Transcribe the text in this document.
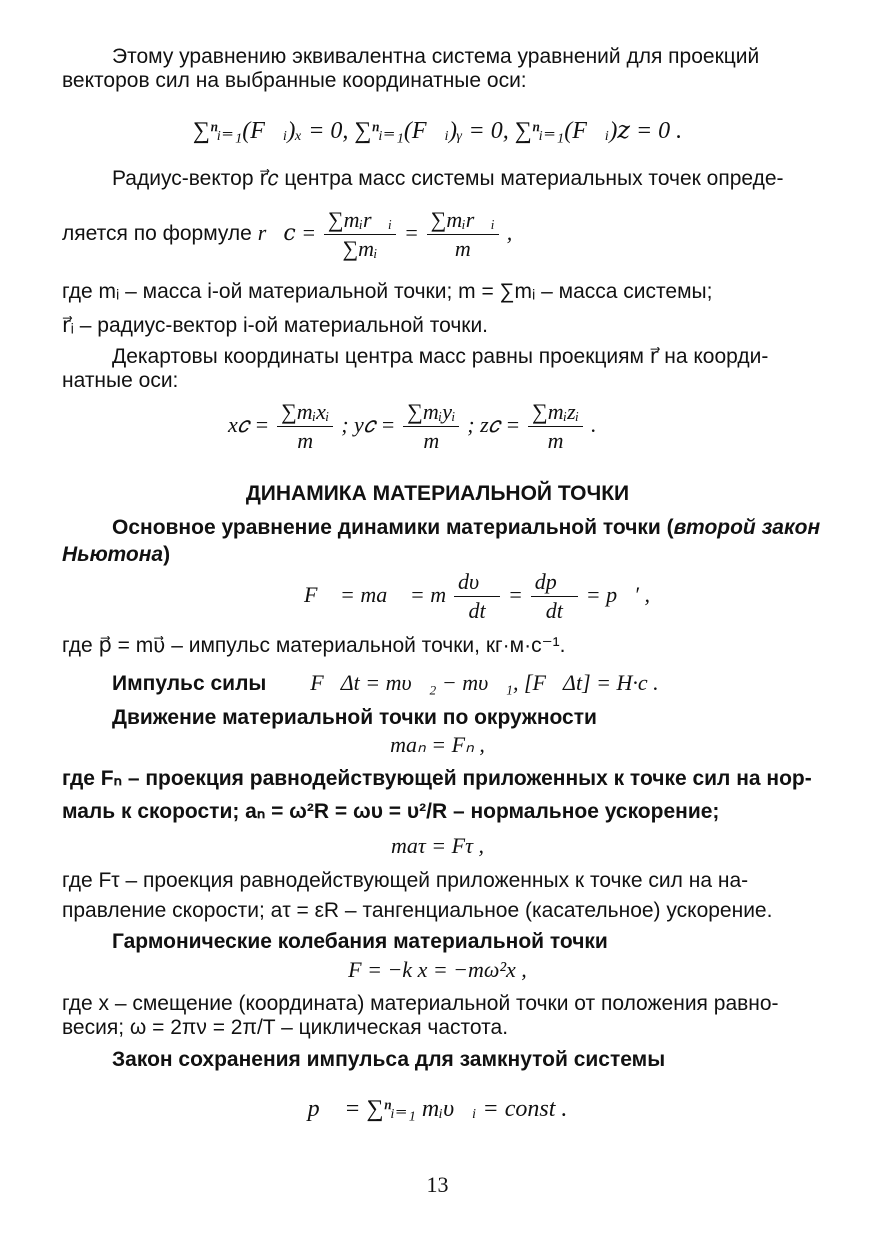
Этому уравнению эквивалентна система уравнений для проекций
векторов сил на выбранные координатные оси:
∑ⁿᵢ₌₁(F⃗ᵢ)ₓ = 0, ∑ⁿᵢ₌₁(F⃗ᵢ)ᵧ = 0, ∑ⁿᵢ₌₁(F⃗ᵢ)𝑧 = 0 .
Радиус-вектор r⃗𝑐 центра масс системы материальных точек опреде-
ляется по формуле r⃗𝑐 = $\frac{\text{∑mᵢr⃗ᵢ}}{\text{∑mᵢ}} = \frac{\text{∑mᵢr⃗ᵢ}}{m}$ ,
где mᵢ – масса i-ой материальной точки; m = ∑mᵢ – масса системы;
r⃗ᵢ – радиус-вектор i-ой материальной точки.
Декартовы координаты центра масс равны проекциям r⃗ на коорди-
натные оси:
x𝑐 = $\frac{\text{∑mᵢxᵢ}}{m}$ ; y𝑐 = $\frac{\text{∑mᵢyᵢ}}{m}$ ; z𝑐 = $\frac{\text{∑mᵢzᵢ}}{m}$ .
ДИНАМИКА МАТЕРИАЛЬНОЙ ТОЧКИ
Основное уравнение динамики материальной точки (второй закон
Ньютона)
F⃗ = ma⃗ = m $\frac{d\upsilon⃗}{dt} = \frac{dp⃗}{dt}$ = p⃗′ ,
где p⃗ = mυ⃗ – импульс материальной точки, кг·м·с⁻¹.
Импульс силы F⃗Δt = mυ⃗₂ − mυ⃗₁, [F⃗Δt] = Н·с .
Движение материальной точки по окружности
maₙ = Fₙ ,
где Fₙ – проекция равнодействующей приложенных к точке сил на нор-
маль к скорости; aₙ = ω²R = ωυ = υ²/R – нормальное ускорение;
maτ = Fτ ,
где Fτ – проекция равнодействующей приложенных к точке сил на на-
правление скорости; aτ = εR – тангенциальное (касательное) ускорение.
Гармонические колебания материальной точки
F = −k x = −mω²x ,
где x – смещение (координата) материальной точки от положения равно-
весия; ω = 2πν = 2π/T – циклическая частота.
Закон сохранения импульса для замкнутой системы
p⃗ = ∑ⁿᵢ₌₁ mᵢυ⃗ᵢ = const .
13
